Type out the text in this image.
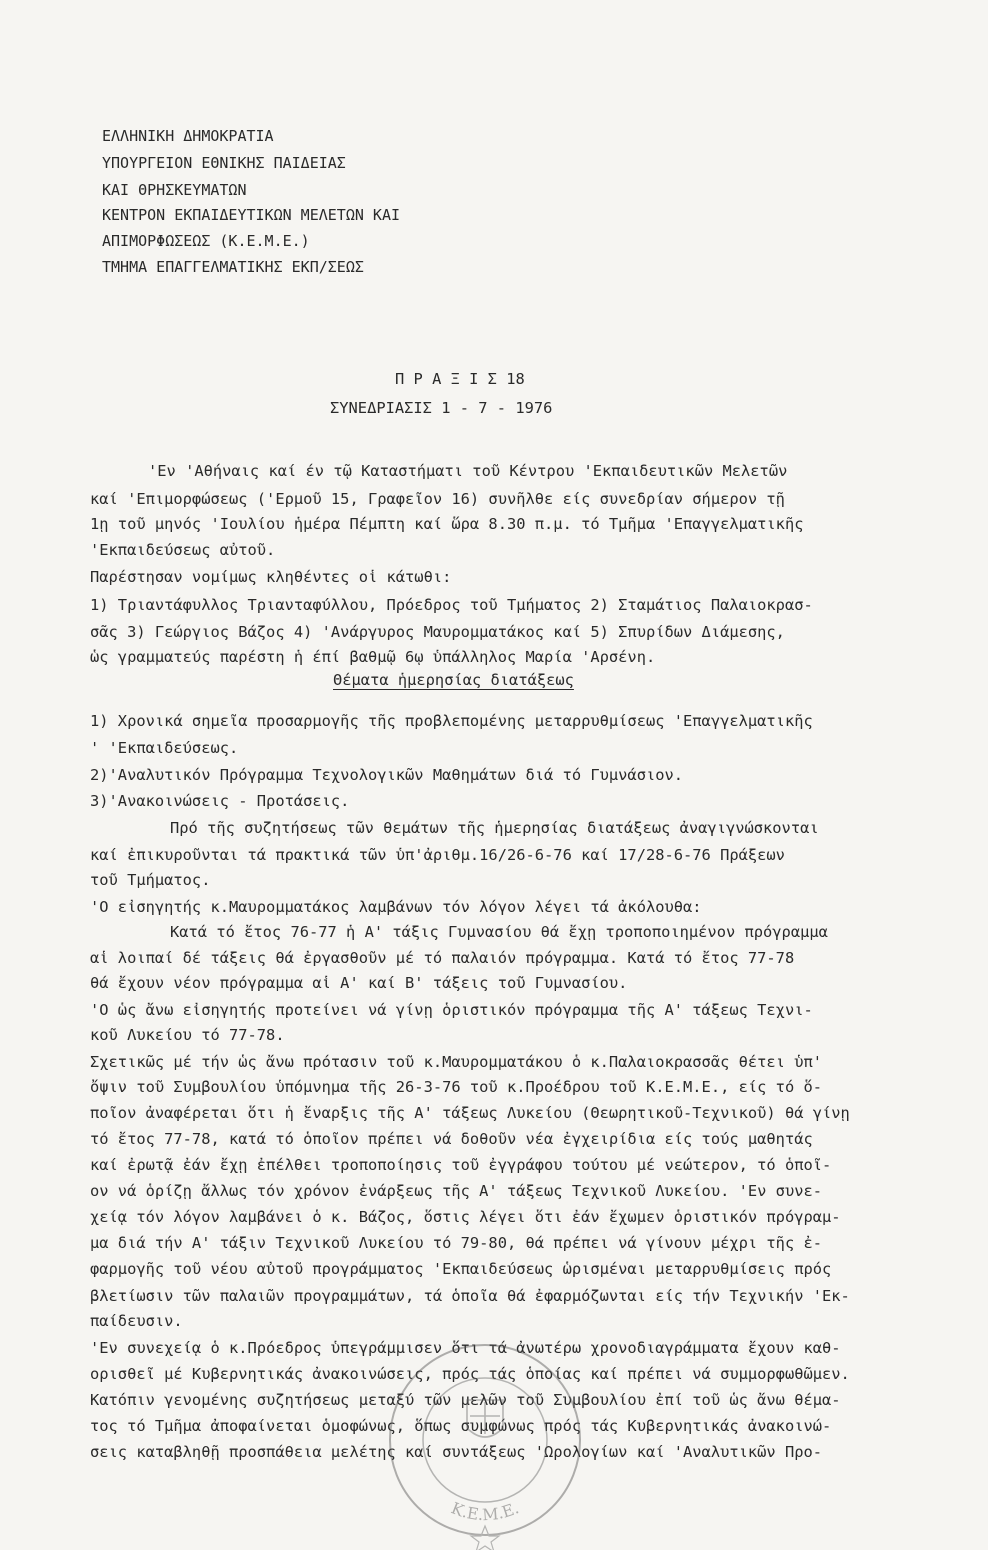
ΕΛΛΗΝΙΚΗ ΔΗΜΟΚΡΑΤΙΑ

ΥΠΟΥΡΓΕΙΟΝ ΕΘΝΙΚΗΣ ΠΑΙΔΕΙΑΣ

ΚΑΙ ΘΡΗΣΚΕΥΜΑΤΩΝ

ΚΕΝΤΡΟΝ ΕΚΠΑΙΔΕΥΤΙΚΩΝ ΜΕΛΕΤΩΝ ΚΑΙ

ΑΠΙΜΟΡΦΩΣΕΩΣ (Κ.Ε.Μ.Ε.)

ΤΜΗΜΑ ΕΠΑΓΓΕΛΜΑΤΙΚΗΣ ΕΚΠ/ΣΕΩΣ

Π Ρ Α Ξ Ι Σ 18

ΣΥΝΕΔΡΙΑΣΙΣ 1 - 7 - 1976

'Εν 'Αθήναις καί έν τῷ Καταστήματι τοῦ Κέντρου 'Εκπαιδευτικῶν Μελετῶν

καί 'Επιμορφώσεως ('Ερμοῦ 15, Γραφεῖον 16) συνῆλθε είς συνεδρίαν σήμερον τῇ

1ῃ τοῦ μηνός 'Ιουλίου ἡμέρα Πέμπτη καί ὥρα 8.30 π.μ. τό Τμῆμα 'Επαγγελματικῆς

'Εκπαιδεύσεως αὐτοῦ.

Παρέστησαν νομίμως κληθέντες οἱ κάτωθι:

1) Τριαντάφυλλος Τριανταφύλλου, Πρόεδρος τοῦ Τμήματος 2) Σταμάτιος Παλαιοκρασ-

σᾶς 3) Γεώργιος Βάζος 4) 'Ανάργυρος Μαυρομματάκος καί 5) Σπυρίδων Διάμεσης,

ὡς γραμματεύς παρέστη ἡ έπί βαθμῷ 6ῳ ὑπάλληλος Μαρία 'Αρσένη.

Θέματα ἡμερησίας διατάξεως

1) Χρονικά σημεῖα προσαρμογῆς τῆς προβλεπομένης μεταρρυθμίσεως 'Επαγγελματικῆς

' 'Εκπαιδεύσεως.

2)'Αναλυτικόν Πρόγραμμα Τεχνολογικῶν Μαθημάτων διά τό Γυμνάσιον.

3)'Ανακοινώσεις - Προτάσεις.

Πρό τῆς συζητήσεως τῶν θεμάτων τῆς ἡμερησίας διατάξεως ἀναγιγνώσκονται

καί ἐπικυροῦνται τά πρακτικά τῶν ὑπ'ἀριθμ.16/26-6-76 καί 17/28-6-76 Πράξεων

τοῦ Τμήματος.

'Ο εἰσηγητής κ.Μαυρομματάκος λαμβάνων τόν λόγον λέγει τά ἀκόλουθα:

Κατά τό ἔτος 76-77 ἡ Α' τάξις Γυμνασίου θά ἔχῃ τροποποιημένον πρόγραμμα

αἱ λοιπαί δέ τάξεις θά ἐργασθοῦν μέ τό παλαιόν πρόγραμμα. Κατά τό ἔτος 77-78

θά ἔχουν νέον πρόγραμμα αἱ Α' καί Β' τάξεις τοῦ Γυμνασίου.

'Ο ὡς ἄνω εἰσηγητής προτείνει νά γίνῃ ὁριστικόν πρόγραμμα τῆς Α' τάξεως Τεχνι-

κοῦ Λυκείου τό 77-78.

Σχετικῶς μέ τήν ὡς ἄνω πρότασιν τοῦ κ.Μαυρομματάκου ὁ κ.Παλαιοκρασσᾶς θέτει ὑπ'

ὄψιν τοῦ Συμβουλίου ὑπόμνημα τῆς 26-3-76 τοῦ κ.Προέδρου τοῦ Κ.Ε.Μ.Ε., είς τό ὅ-

ποῖον ἀναφέρεται ὅτι ἡ ἔναρξις τῆς Α' τάξεως Λυκείου (Θεωρητικοῦ-Τεχνικοῦ) θά γίνῃ

τό ἔτος 77-78, κατά τό ὁποῖον πρέπει νά δοθοῦν νέα ἐγχειρίδια είς τούς μαθητάς

καί ἐρωτᾷ ἐάν ἔχῃ ἐπέλθει τροποποίησις τοῦ ἐγγράφου τούτου μέ νεώτερον, τό ὁποῖ-

ον νά ὁρίζῃ ἄλλως τόν χρόνον ἐνάρξεως τῆς Α' τάξεως Τεχνικοῦ Λυκείου. 'Εν συνε-

χείᾳ τόν λόγον λαμβάνει ὁ κ. Βάζος, ὅστις λέγει ὅτι ἐάν ἔχωμεν ὁριστικόν πρόγραμ-

μα διά τήν Α' τάξιν Τεχνικοῦ Λυκείου τό 79-80, θά πρέπει νά γίνουν μέχρι τῆς ἐ-

φαρμογῆς τοῦ νέου αὐτοῦ προγράμματος 'Εκπαιδεύσεως ὡρισμέναι μεταρρυθμίσεις πρός

βλετίωσιν τῶν παλαιῶν προγραμμάτων, τά ὁποῖα θά ἐφαρμόζωνται είς τήν Τεχνικήν 'Εκ-

παίδευσιν.

'Εν συνεχείᾳ ὁ κ.Πρόεδρος ὑπεγράμμισεν ὅτι τά ἀνωτέρω χρονοδιαγράμματα ἔχουν καθ-

ορισθεῖ μέ Κυβερνητικάς ἀνακοινώσεις, πρός τάς ὁποίας καί πρέπει νά συμμορφωθῶμεν.

Κατόπιν γενομένης συζητήσεως μεταξύ τῶν μελῶν τοῦ Συμβουλίου ἐπί τοῦ ὡς ἄνω θέμα-

τος τό Τμῆμα ἀποφαίνεται ὁμοφώνως, ὅπως συμφώνως πρός τάς Κυβερνητικάς ἀνακοινώ-

σεις καταβληθῇ προσπάθεια μελέτης καί συντάξεως 'Ωρολογίων καί 'Αναλυτικῶν Προ-

Κ.Ε.Μ.Ε.
